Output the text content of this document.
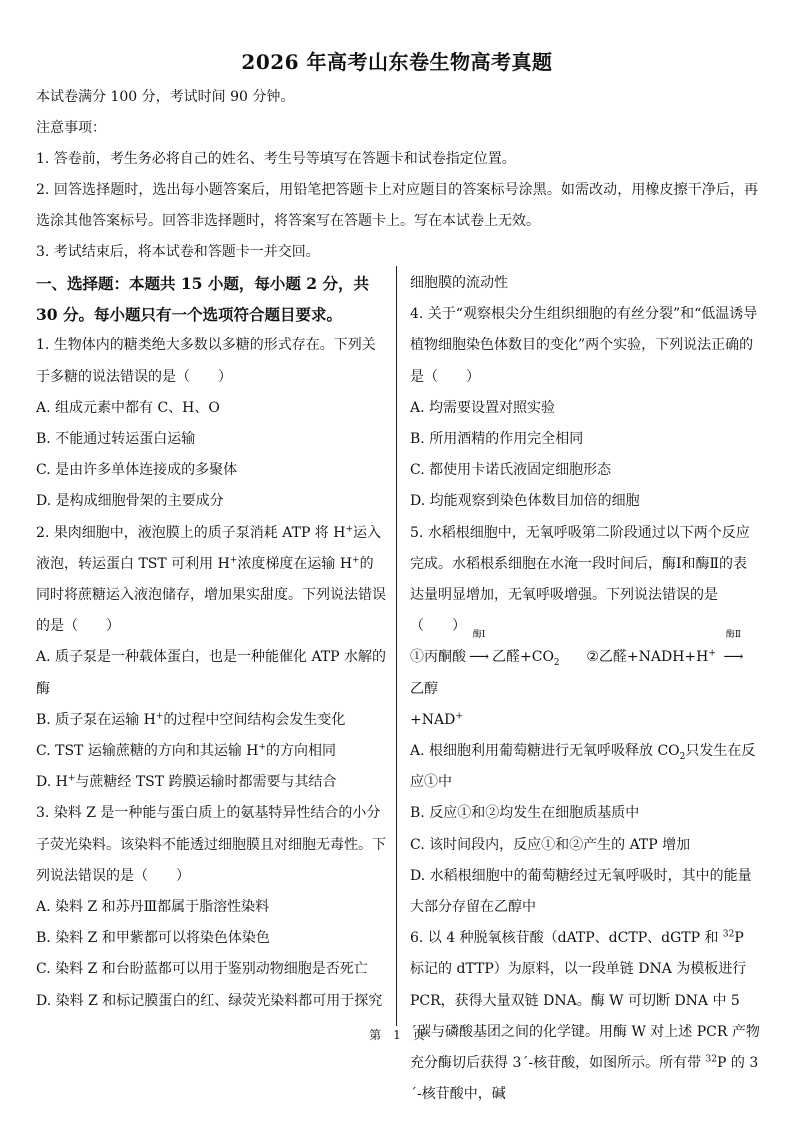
2026 年高考山东卷生物高考真题
本试卷满分 100 分，考试时间 90 分钟。
注意事项：
1. 答卷前，考生务必将自己的姓名、考生号等填写在答题卡和试卷指定位置。
2. 回答选择题时，选出每小题答案后，用铅笔把答题卡上对应题目的答案标号涂黑。如需改动，用橡皮擦干净后，再选涂其他答案标号。回答非选择题时，将答案写在答题卡上。写在本试卷上无效。
3. 考试结束后，将本试卷和答题卡一并交回。

一、选择题：本题共 15 小题，每小题 2 分，共 30 分。每小题只有一个选项符合题目要求。

1. 生物体内的糖类绝大多数以多糖的形式存在。下列关于多糖的说法错误的是（　　）

A. 组成元素中都有 C、H、O

B. 不能通过转运蛋白运输

C. 是由许多单体连接成的多聚体

D. 是构成细胞骨架的主要成分

2. 果肉细胞中，液泡膜上的质子泵消耗 ATP 将 H+运入液泡，转运蛋白 TST 可利用 H+浓度梯度在运输 H+的同时将蔗糖运入液泡储存，增加果实甜度。下列说法错误的是（　　）

A. 质子泵是一种载体蛋白，也是一种能催化 ATP 水解的酶

B. 质子泵在运输 H+的过程中空间结构会发生变化

C. TST 运输蔗糖的方向和其运输 H+的方向相同

D. H+与蔗糖经 TST 跨膜运输时都需要与其结合

3. 染料 Z 是一种能与蛋白质上的氨基特异性结合的小分子荧光染料。该染料不能透过细胞膜且对细胞无毒性。下列说法错误的是（　　）

A. 染料 Z 和苏丹Ⅲ都属于脂溶性染料

B. 染料 Z 和甲紫都可以将染色体染色

C. 染料 Z 和台盼蓝都可以用于鉴别动物细胞是否死亡

D. 染料 Z 和标记膜蛋白的红、绿荧光染料都可用于探究

细胞膜的流动性

4. 关于“观察根尖分生组织细胞的有丝分裂”和“低温诱导植物细胞染色体数目的变化”两个实验，下列说法正确的是（　　）

A. 均需要设置对照实验

B. 所用酒精的作用完全相同

C. 都使用卡诺氏液固定细胞形态

D. 均能观察到染色体数目加倍的细胞

5. 水稻根细胞中，无氧呼吸第二阶段通过以下两个反应完成。水稻根系细胞在水淹一段时间后，酶Ⅰ和酶Ⅱ的表达量明显增加，无氧呼吸增强。下列说法错误的是（　　）

①丙酮酸
酶Ⅰ
⟶ 乙醛$+CO_2$ ②乙醛+NADH+H+
酶Ⅱ
⟶乙醇
+NAD+

A. 根细胞利用葡萄糖进行无氧呼吸释放 $CO_2$只发生在反应①中

B. 反应①和②均发生在细胞质基质中

C. 该时间段内，反应①和②产生的 ATP 增加

D. 水稻根细胞中的葡萄糖经过无氧呼吸时，其中的能量大部分存留在乙醇中

6. 以 4 种脱氧核苷酸（dATP、dCTP、dGTP 和 $^{32}$P 标记的 dTTP）为原料，以一段单链 DNA 为模板进行 PCR，获得大量双链 DNA。酶 W 可切断 DNA 中 5´碳与磷酸基团之间的化学键。用酶 W 对上述 PCR 产物充分酶切后获得 3´-核苷酸，如图所示。所有带 $^{32}$P 的 3´-核苷酸中，碱

第　1　页
